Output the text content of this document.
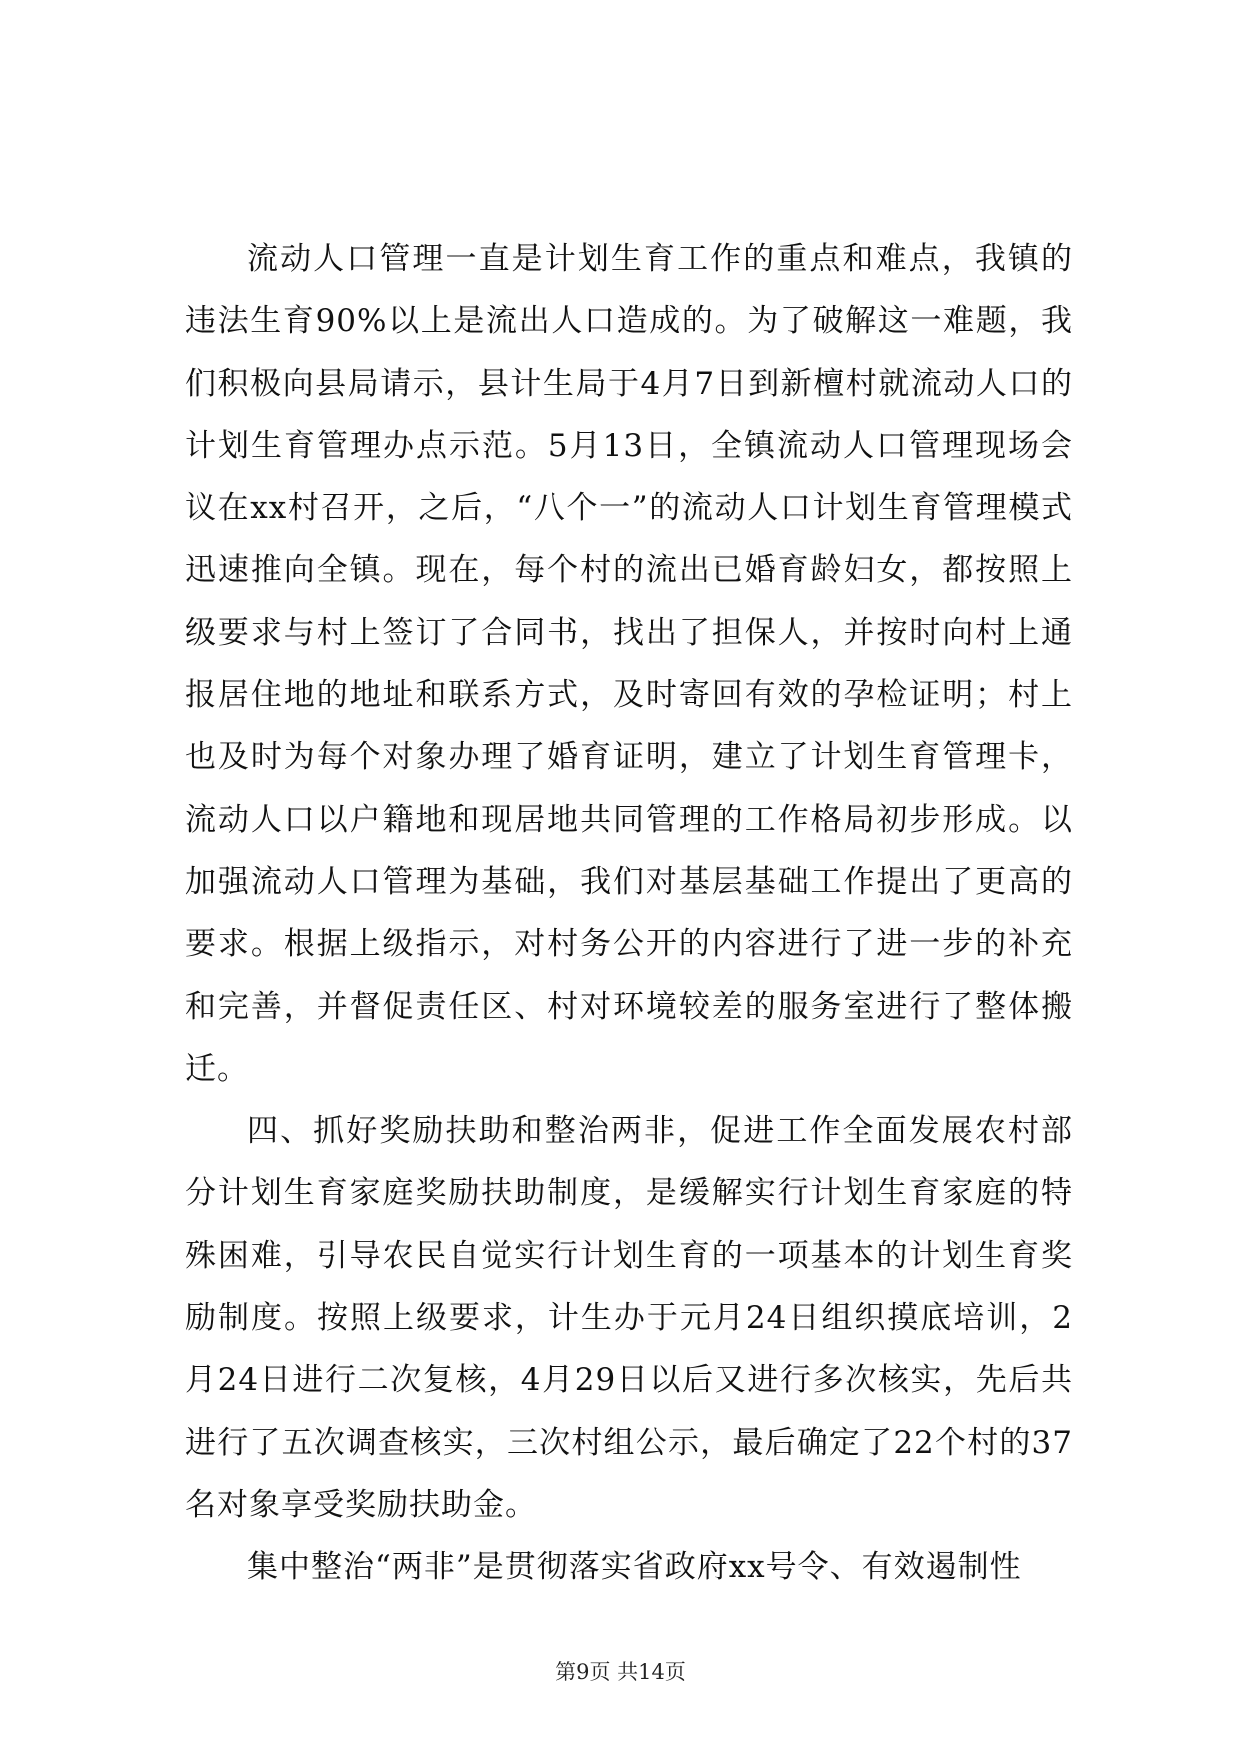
流动人口管理一直是计划生育工作的重点和难点，我镇的违法生育90%以上是流出人口造成的。为了破解这一难题，我们积极向县局请示，县计生局于4月7日到新檀村就流动人口的计划生育管理办点示范。5月13日，全镇流动人口管理现场会议在xx村召开，之后，“八个一”的流动人口计划生育管理模式迅速推向全镇。现在，每个村的流出已婚育龄妇女，都按照上级要求与村上签订了合同书，找出了担保人，并按时向村上通报居住地的地址和联系方式，及时寄回有效的孕检证明；村上也及时为每个对象办理了婚育证明，建立了计划生育管理卡，流动人口以户籍地和现居地共同管理的工作格局初步形成。以加强流动人口管理为基础，我们对基层基础工作提出了更高的要求。根据上级指示，对村务公开的内容进行了进一步的补充和完善，并督促责任区、村对环境较差的服务室进行了整体搬迁。

四、抓好奖励扶助和整治两非，促进工作全面发展农村部分计划生育家庭奖励扶助制度，是缓解实行计划生育家庭的特殊困难，引导农民自觉实行计划生育的一项基本的计划生育奖励制度。按照上级要求，计生办于元月24日组织摸底培训，2月24日进行二次复核，4月29日以后又进行多次核实，先后共进行了五次调查核实，三次村组公示，最后确定了22个村的37名对象享受奖励扶助金。

集中整治“两非”是贯彻落实省政府xx号令、有效遏制性

第9页 共14页
